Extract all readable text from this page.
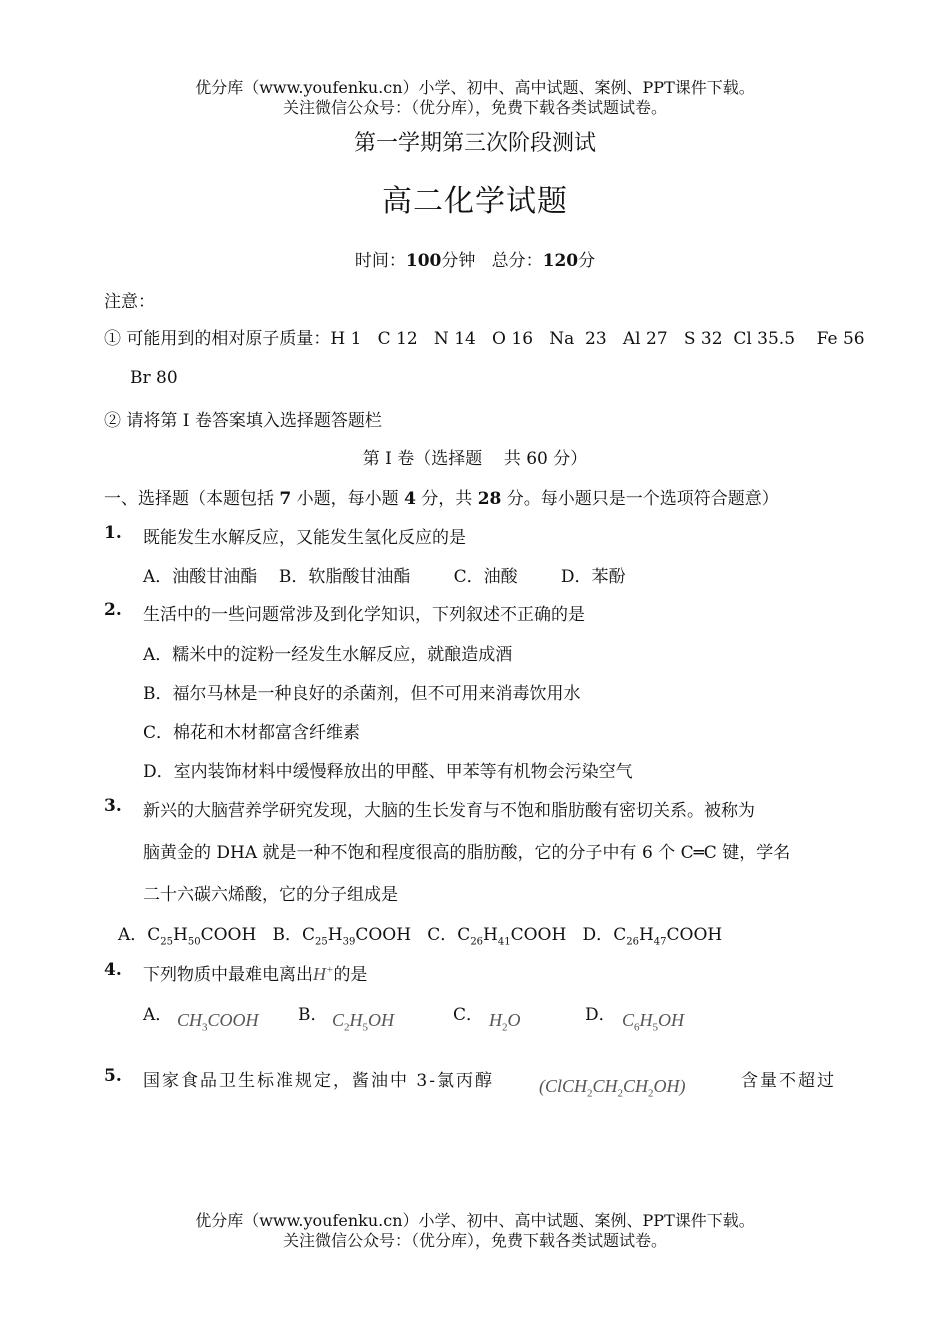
优分库（www.youfenku.cn）小学、初中、高中试题、案例、PPT课件下载。
关注微信公众号：（优分库），免费下载各类试题试卷。
第一学期第三次阶段测试
高二化学试题
时间：100分钟 总分：120分
注意：
① 可能用到的相对原子质量：H 1   C 12   N 14   O 16   Na  23   Al 27   S 32  Cl 35.5    Fe 56
Br 80
② 请将第 I 卷答案填入选择题答题栏
第 I 卷（选择题    共 60 分）
一、选择题（本题包括 7 小题，每小题 4 分，共 28 分。每小题只是一个选项符合题意）
1. 既能发生水解反应，又能发生氢化反应的是
A．油酸甘油酯    B．软脂酸甘油酯        C．油酸        D．苯酚
2. 生活中的一些问题常涉及到化学知识，下列叙述不正确的是
A．糯米中的淀粉一经发生水解反应，就酿造成酒
B．福尔马林是一种良好的杀菌剂，但不可用来消毒饮用水
C．棉花和木材都富含纤维素
D．室内装饰材料中缓慢释放出的甲醛、甲苯等有机物会污染空气
3. 新兴的大脑营养学研究发现，大脑的生长发育与不饱和脂肪酸有密切关系。被称为
脑黄金的 DHA 就是一种不饱和程度很高的脂肪酸，它的分子中有 6 个 C═C 键，学名
二十六碳六烯酸，它的分子组成是
A．$C_{25}H_{50}COOH$ B．$C_{25}H_{39}COOH$ C．$C_{26}H_{41}COOH$ D．$C_{26}H_{47}COOH$
4. 下列物质中最难电离出H+的是
A． $CH_3COOH$ B． $C_2H_5OH$	C． $H_2O$	D． $C_6H_5OH$
5. 国家食品卫生标准规定，酱油中 3-氯丙醇	$(ClCH_2CH_2CH_2OH)$	含量不超过
优分库（www.youfenku.cn）小学、初中、高中试题、案例、PPT课件下载。
关注微信公众号：（优分库），免费下载各类试题试卷。
